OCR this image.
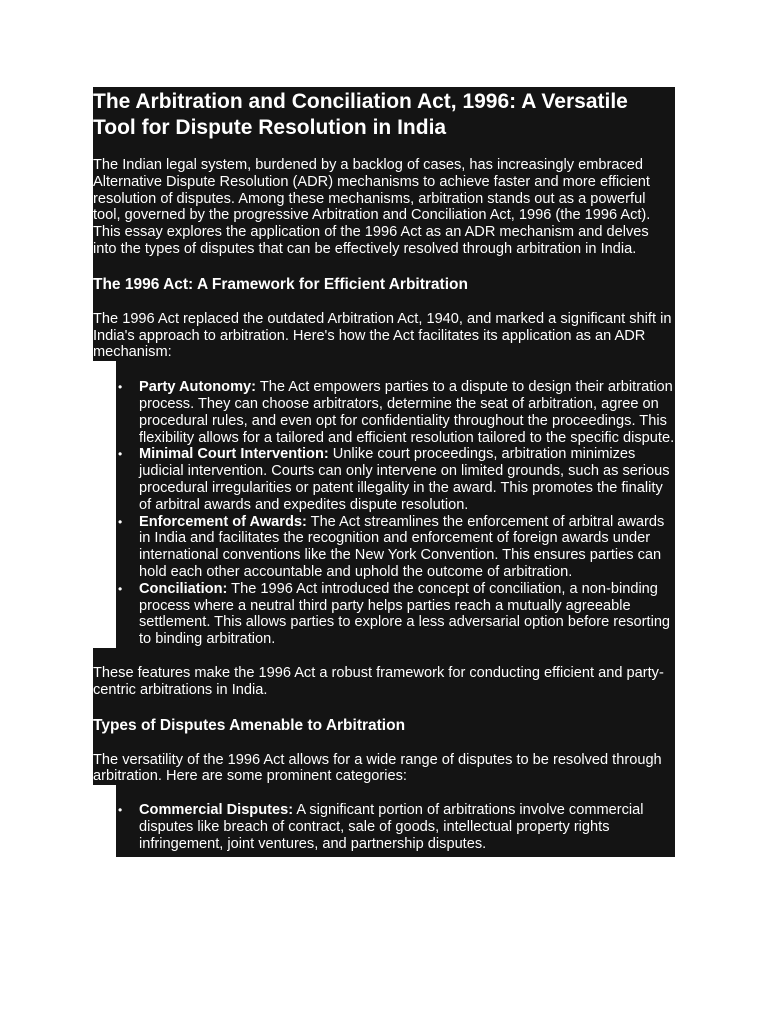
The Arbitration and Conciliation Act, 1996: A Versatile Tool for Dispute Resolution in India

The Indian legal system, burdened by a backlog of cases, has increasingly embraced Alternative Dispute Resolution (ADR) mechanisms to achieve faster and more efficient resolution of disputes. Among these mechanisms, arbitration stands out as a powerful tool, governed by the progressive Arbitration and Conciliation Act, 1996 (the 1996 Act). This essay explores the application of the 1996 Act as an ADR mechanism and delves into the types of disputes that can be effectively resolved through arbitration in India.

The 1996 Act: A Framework for Efficient Arbitration

The 1996 Act replaced the outdated Arbitration Act, 1940, and marked a significant shift in India's approach to arbitration. Here's how the Act facilitates its application as an ADR mechanism:

• Party Autonomy: The Act empowers parties to a dispute to design their arbitration process. They can choose arbitrators, determine the seat of arbitration, agree on procedural rules, and even opt for confidentiality throughout the proceedings. This flexibility allows for a tailored and efficient resolution tailored to the specific dispute.
• Minimal Court Intervention: Unlike court proceedings, arbitration minimizes judicial intervention. Courts can only intervene on limited grounds, such as serious procedural irregularities or patent illegality in the award. This promotes the finality of arbitral awards and expedites dispute resolution.
• Enforcement of Awards: The Act streamlines the enforcement of arbitral awards in India and facilitates the recognition and enforcement of foreign awards under international conventions like the New York Convention. This ensures parties can hold each other accountable and uphold the outcome of arbitration.
• Conciliation: The 1996 Act introduced the concept of conciliation, a non-binding process where a neutral third party helps parties reach a mutually agreeable settlement. This allows parties to explore a less adversarial option before resorting to binding arbitration.

These features make the 1996 Act a robust framework for conducting efficient and party-centric arbitrations in India.

Types of Disputes Amenable to Arbitration

The versatility of the 1996 Act allows for a wide range of disputes to be resolved through arbitration. Here are some prominent categories:

• Commercial Disputes: A significant portion of arbitrations involve commercial disputes like breach of contract, sale of goods, intellectual property rights infringement, joint ventures, and partnership disputes.
